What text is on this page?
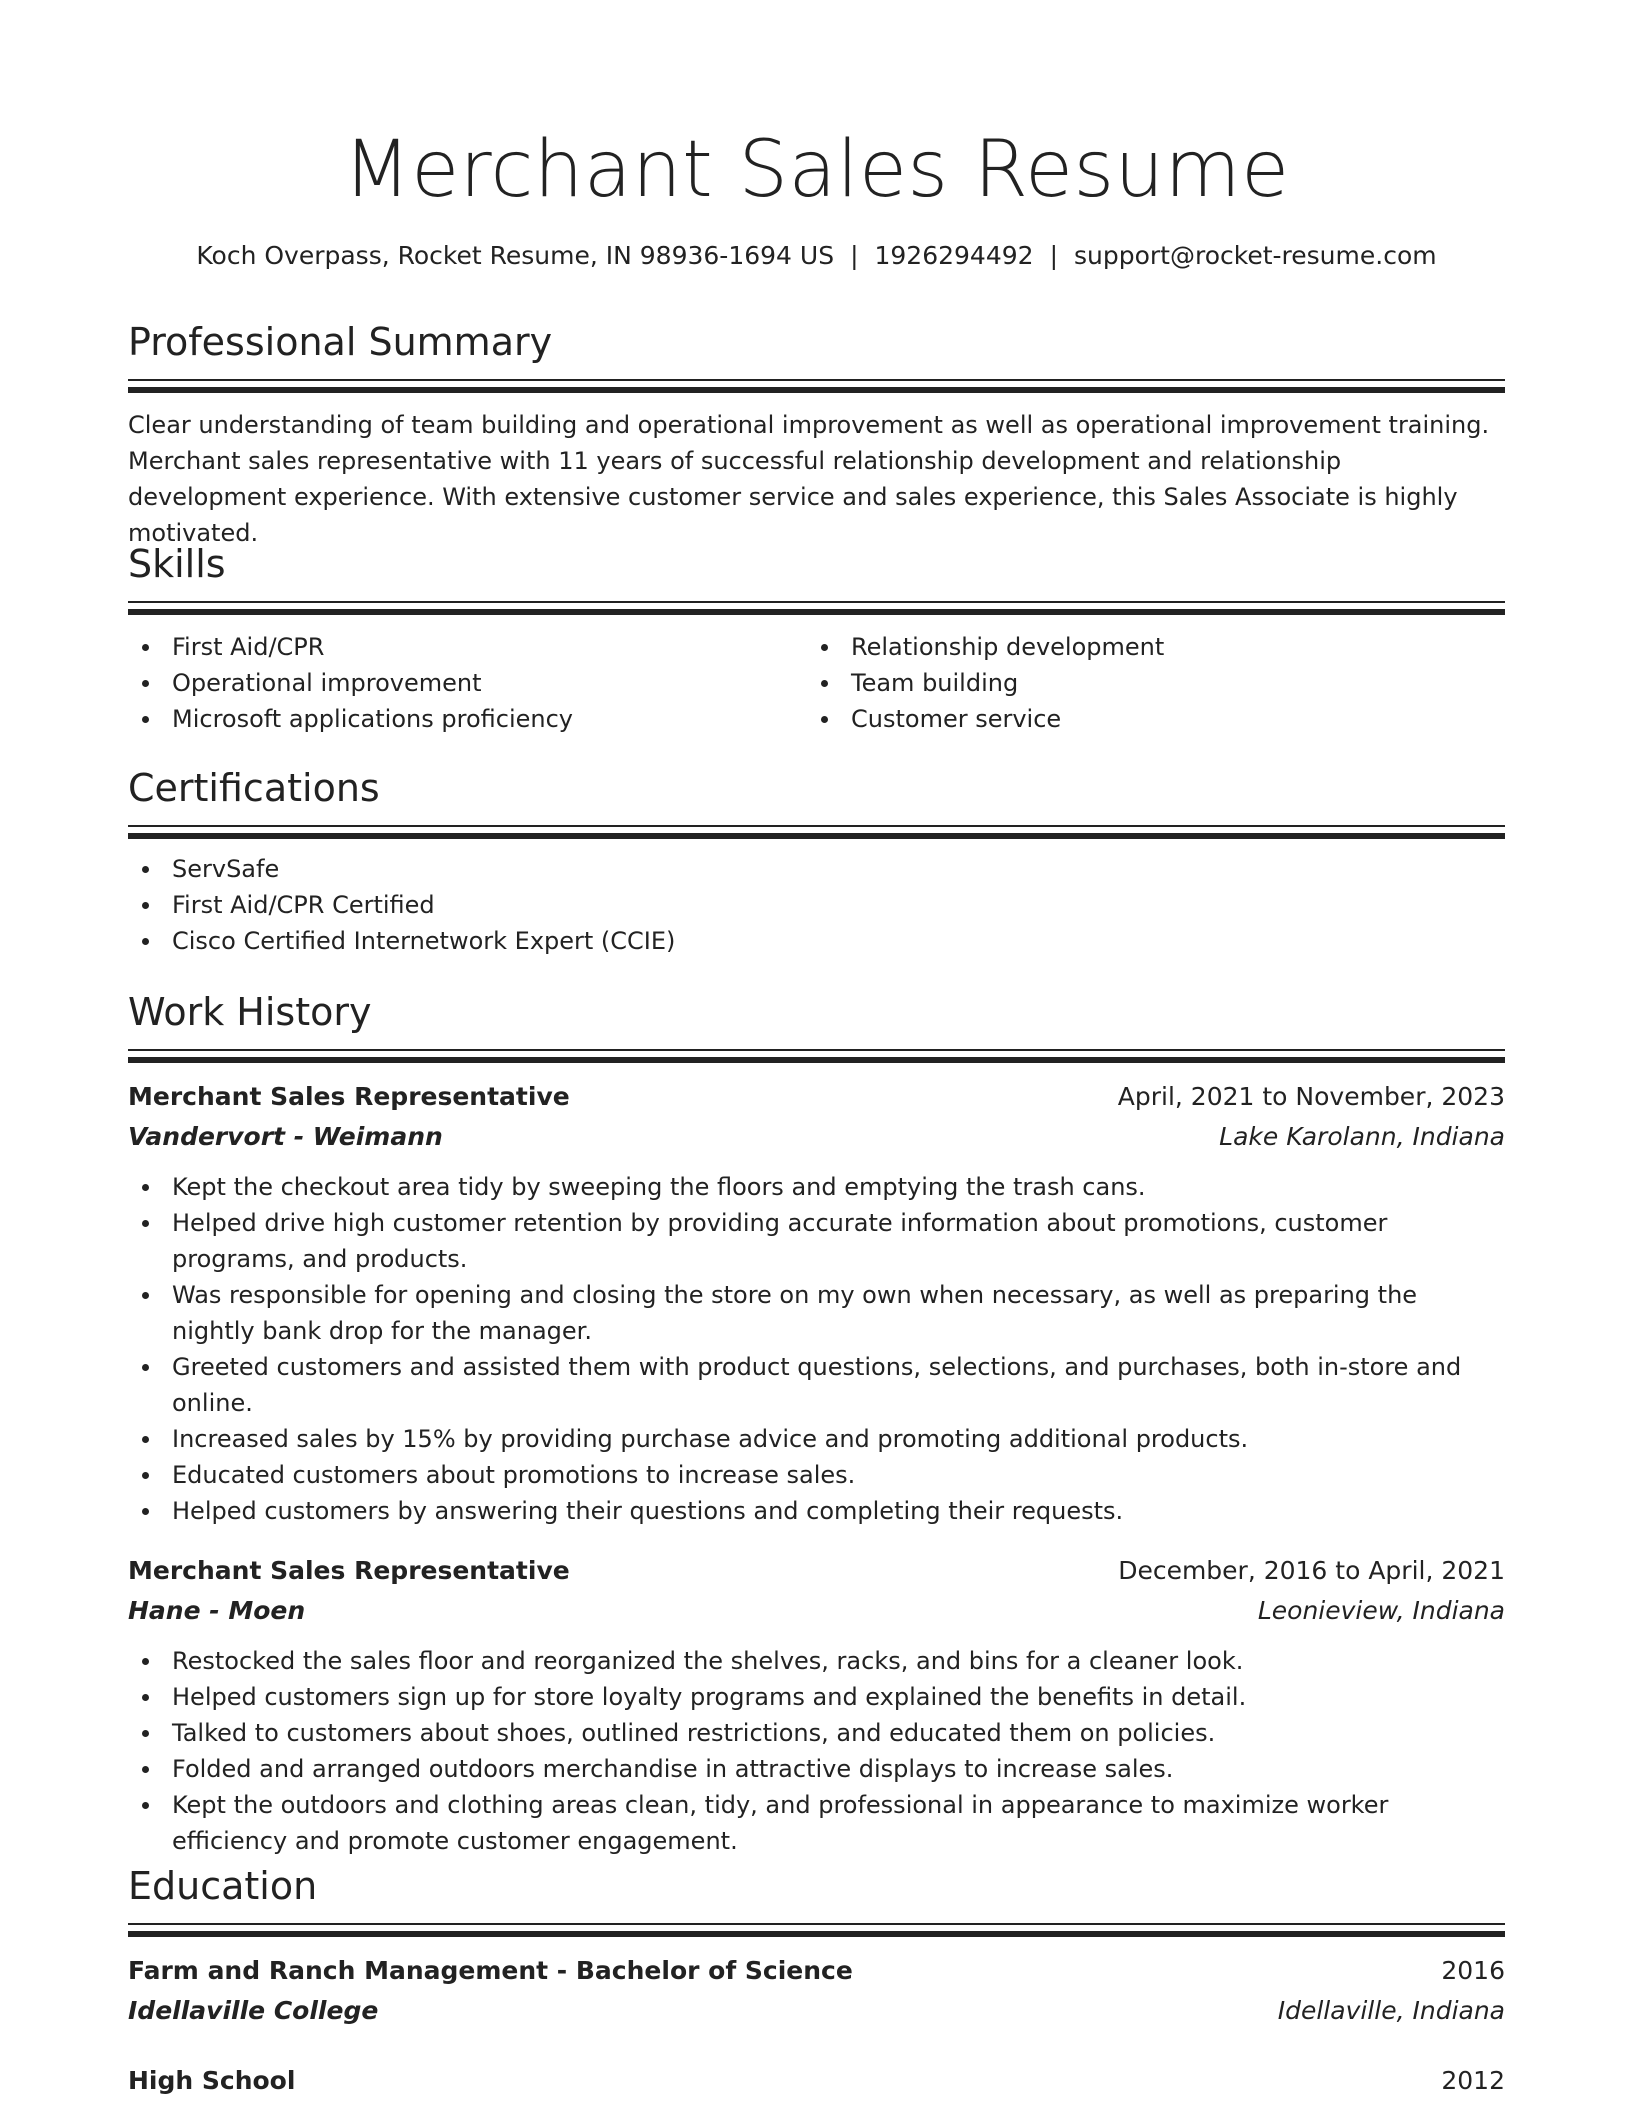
Merchant Sales Resume
Koch Overpass, Rocket Resume, IN 98936-1694 US | 1926294492 | support@rocket-resume.com
Professional Summary
Clear understanding of team building and operational improvement as well as operational improvement training. Merchant sales representative with 11 years of successful relationship development and relationship development experience. With extensive customer service and sales experience, this Sales Associate is highly motivated.
Skills
First Aid/CPR
Operational improvement
Microsoft applications proficiency
Relationship development
Team building
Customer service
Certifications
ServSafe
First Aid/CPR Certified
Cisco Certified Internetwork Expert (CCIE)
Work History
Merchant Sales Representative	April, 2021 to November, 2023
Vandervort - Weimann	Lake Karolann, Indiana
Kept the checkout area tidy by sweeping the floors and emptying the trash cans.
Helped drive high customer retention by providing accurate information about promotions, customer programs, and products.
Was responsible for opening and closing the store on my own when necessary, as well as preparing the nightly bank drop for the manager.
Greeted customers and assisted them with product questions, selections, and purchases, both in-store and online.
Increased sales by 15% by providing purchase advice and promoting additional products.
Educated customers about promotions to increase sales.
Helped customers by answering their questions and completing their requests.
Merchant Sales Representative	December, 2016 to April, 2021
Hane - Moen	Leonieview, Indiana
Restocked the sales floor and reorganized the shelves, racks, and bins for a cleaner look.
Helped customers sign up for store loyalty programs and explained the benefits in detail.
Talked to customers about shoes, outlined restrictions, and educated them on policies.
Folded and arranged outdoors merchandise in attractive displays to increase sales.
Kept the outdoors and clothing areas clean, tidy, and professional in appearance to maximize worker efficiency and promote customer engagement.
Education
Farm and Ranch Management - Bachelor of Science	2016
Idellaville College	Idellaville, Indiana
High School	2012
